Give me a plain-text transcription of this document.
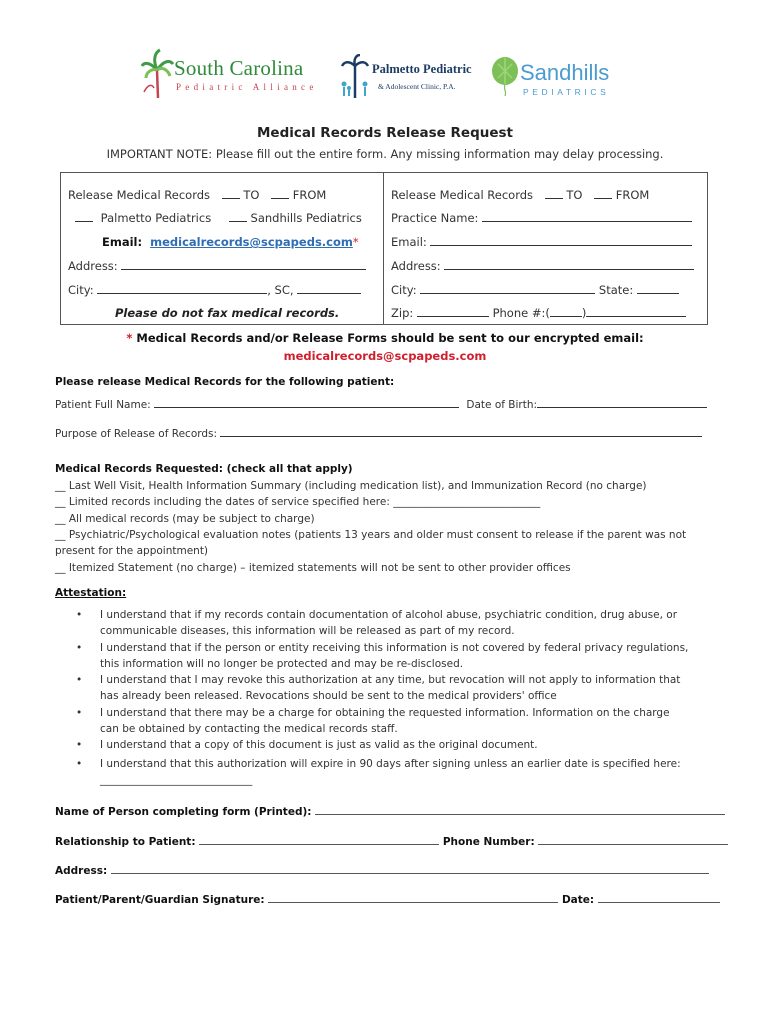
South Carolina
Pediatric Alliance
Palmetto Pediatric
& Adolescent Clinic, P.A.
Sandhills
PEDIATRICS
Medical Records Release Request
IMPORTANT NOTE: Please fill out the entire form. Any missing information may delay processing.
Release Medical Records	TO	FROM
Palmetto Pediatrics	Sandhills Pediatrics
Email: medicalrecords@scpapeds.com*
Address:
City:	, SC,
Please do not fax medical records.
Release Medical Records	TO	FROM
Practice Name:
Email:
Address:
City:	State:
Zip:	Phone #:(	)
* Medical Records and/or Release Forms should be sent to our encrypted email:
medicalrecords@scpapeds.com
Please release Medical Records for the following patient:
Patient Full Name:	Date of Birth:
Purpose of Release of Records:
Medical Records Requested: (check all that apply)
__ Last Well Visit, Health Information Summary (including medication list), and Immunization Record (no charge)
__ Limited records including the dates of service specified here: ____________________________
__ All medical records (may be subject to charge)
__ Psychiatric/Psychological evaluation notes (patients 13 years and older must consent to release if the parent was not
present for the appointment)
__ Itemized Statement (no charge) – itemized statements will not be sent to other provider offices
Attestation:
• I understand that if my records contain documentation of alcohol abuse, psychiatric condition, drug abuse, or
communicable diseases, this information will be released as part of my record.
• I understand that if the person or entity receiving this information is not covered by federal privacy regulations,
this information will no longer be protected and may be re-disclosed.
• I understand that I may revoke this authorization at any time, but revocation will not apply to information that
has already been released. Revocations should be sent to the medical providers' office
• I understand that there may be a charge for obtaining the requested information. Information on the charge
can be obtained by contacting the medical records staff.
• I understand that a copy of this document is just as valid as the original document.
• I understand that this authorization will expire in 90 days after signing unless an earlier date is specified here:
_____________________________
Name of Person completing form (Printed):
Relationship to Patient:	Phone Number:
Address:
Patient/Parent/Guardian Signature:	Date:
